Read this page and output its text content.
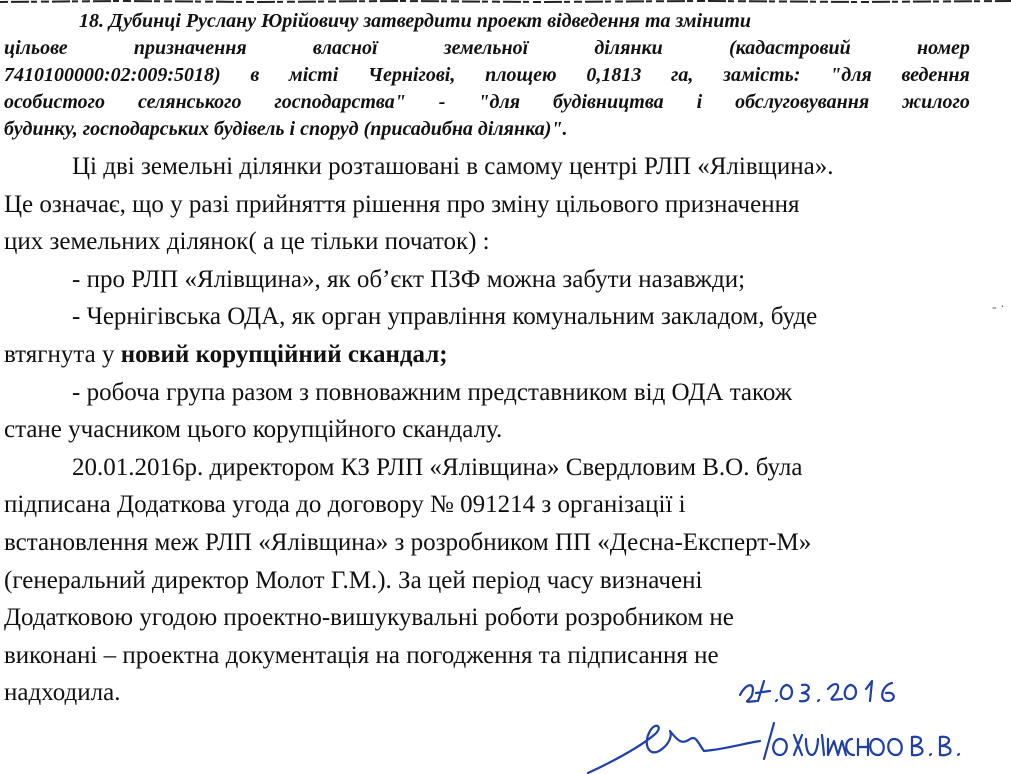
18. Дубинці Руслану Юрійовичу затвердити проект відведення та змінити
цільове	призначення	власної	земельної	ділянки	(кадастровий	номер
7410100000:02:009:5018) в місті Чернігові, площею 0,1813 га, замість: "для ведення
особистого селянського господарства" - "для будівництва і обслуговування жилого
будинку, господарських будівель і споруд (присадибна ділянка)".
Ці дві земельні ділянки розташовані в самому центрі РЛП «Ялівщина».
Це означає, що у разі прийняття рішення про зміну цільового призначення
цих земельних ділянок( а це тільки початок) :
- про РЛП «Ялівщина», як об’єкт ПЗФ можна забути назавжди;
- Чернігівська ОДА, як орган управління комунальним закладом, буде
втягнута у новий корупційний скандал;
- робоча група разом з повноважним представником від ОДА також
стане учасником цього корупційного скандалу.
20.01.2016р. директором КЗ РЛП «Ялівщина» Свердловим В.О. була
підписана Додаткова угода до договору № 091214 з організації і
встановлення меж РЛП «Ялівщина» з розробником ПП «Десна-Експерт-М»
(генеральний директор Молот Г.М.). За цей період часу визначені
Додатковою угодою проектно-вишукувальні роботи розробником не
виконані – проектна документація на погодження та підписання не
надходила.
- ·
